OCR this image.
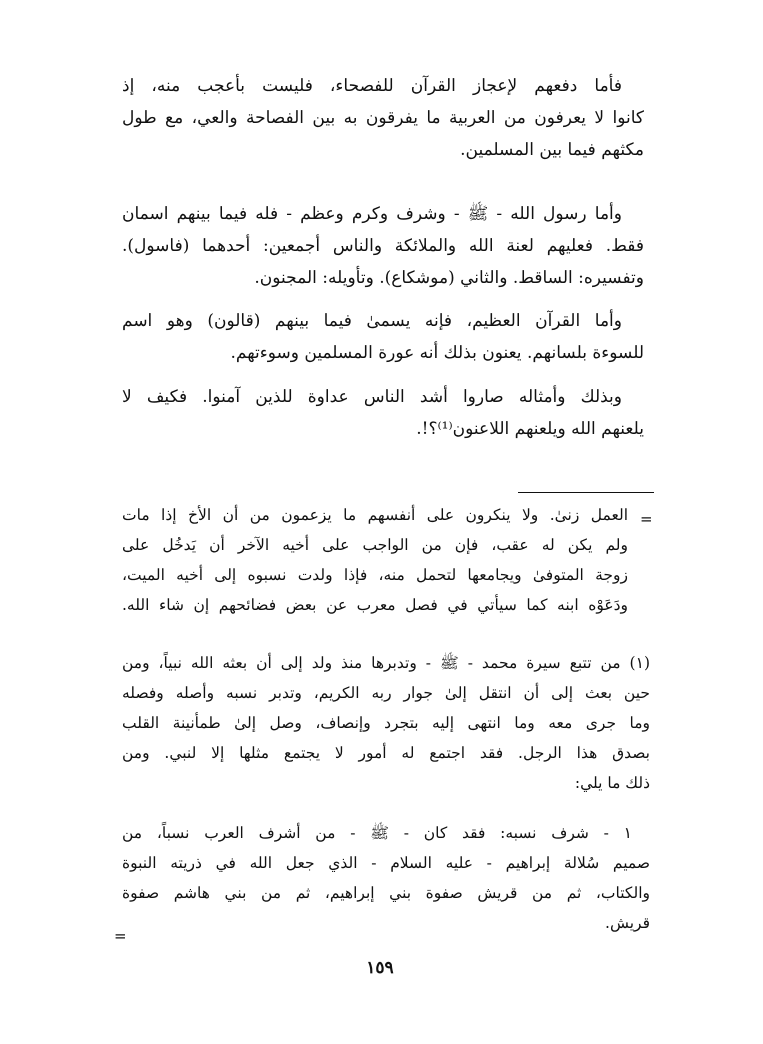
فأما دفعهم لإعجاز القرآن للفصحاء، فليست بأعجب منه، إذ
كانوا لا يعرفون من العربية ما يفرقون به بين الفصاحة والعي، مع طول
مكثهم فيما بين المسلمين.
وأما رسول الله - ﷺ - وشرف وكرم وعظم - فله فيما بينهم اسمان
فقط. فعليهم لعنة الله والملائكة والناس أجمعين: أحدهما (فاسول).
وتفسيره: الساقط. والثاني (موشكاع). وتأويله: المجنون.
وأما القرآن العظيم، فإنه يسمىٰ فيما بينهم (قالون) وهو اسم
للسوءة بلسانهم. يعنون بذلك أنه عورة المسلمين وسوءتهم.
وبذلك وأمثاله صاروا أشد الناس عداوة للذين آمنوا. فكيف لا
يلعنهم الله ويلعنهم اللاعنون⁽¹⁾؟!.
=
العمل زنىٰ. ولا ينكرون على أنفسهم ما يزعمون من أن الأخ إذا مات
ولم يكن له عقب، فإن من الواجب على أخيه الآخر أن يَدخُل على
زوجة المتوفىٰ ويجامعها لتحمل منه، فإذا ولدت نسبوه إلى أخيه الميت،
ودَعَوْه ابنه كما سيأتي في فصل معرب عن بعض فضائحهم إن شاء الله.
(١) من تتبع سيرة محمد - ﷺ - وتدبرها منذ ولد إلى أن بعثه الله نبياً، ومن
حين بعث إلى أن انتقل إلىٰ جوار ربه الكريم، وتدبر نسبه وأصله وفصله
وما جرى معه وما انتهى إليه بتجرد وإنصاف، وصل إلىٰ طمأنينة القلب
بصدق هذا الرجل. فقد اجتمع له أمور لا يجتمع مثلها إلا لنبي. ومن
ذلك ما يلي:
١ - شرف نسبه: فقد كان - ﷺ - من أشرف العرب نسباً، من
صميم سُلالة إبراهيم - عليه السلام - الذي جعل الله في ذريته النبوة
والكتاب، ثم من قريش صفوة بني إبراهيم، ثم من بني هاشم صفوة
قريش.
=
١٥٩
